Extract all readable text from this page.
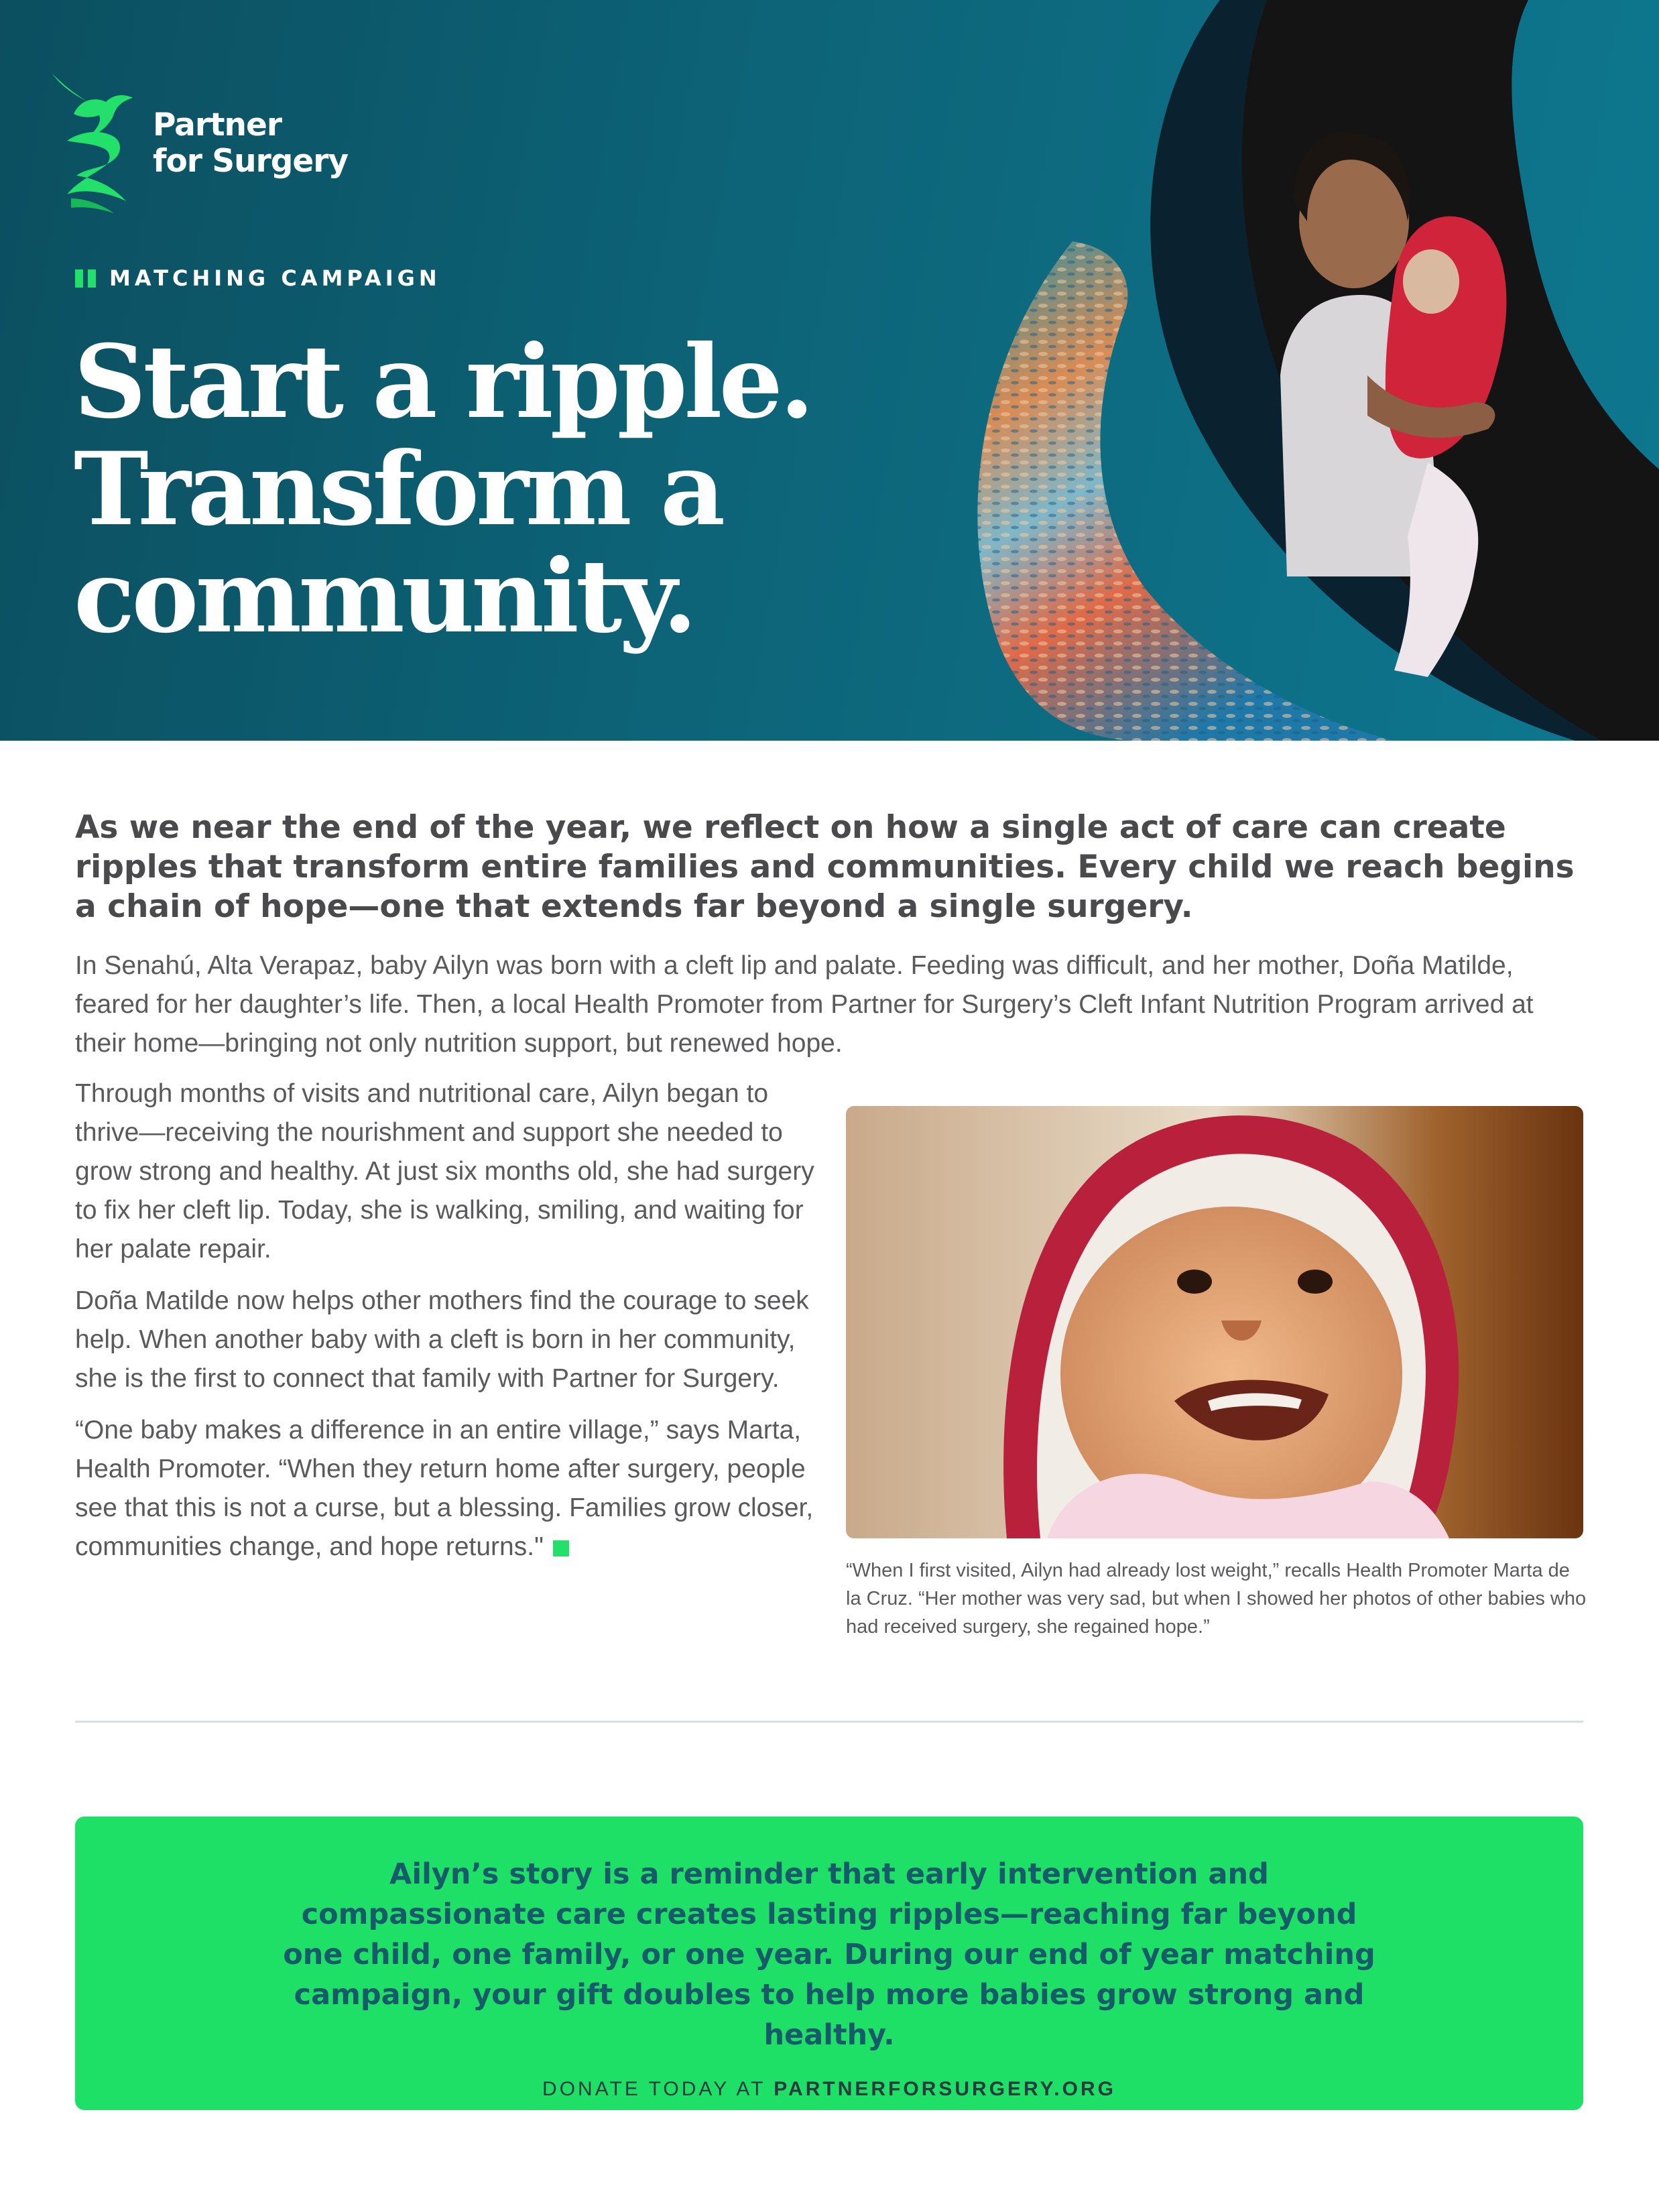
Partner
for Surgery
MATCHING CAMPAIGN
Start a ripple.
Transform a
community.

As we near the end of the year, we reflect on how a single act of care can create ripples that transform entire families and communities. Every child we reach begins a chain of hope—one that extends far beyond a single surgery.

In Senahú, Alta Verapaz, baby Ailyn was born with a cleft lip and palate. Feeding was difficult, and her mother, Doña Matilde, feared for her daughter’s life. Then, a local Health Promoter from Partner for Surgery’s Cleft Infant Nutrition Program arrived at their home—bringing not only nutrition support, but renewed hope.

Through months of visits and nutritional care, Ailyn began to thrive—receiving the nourishment and support she needed to grow strong and healthy. At just six months old, she had surgery to fix her cleft lip. Today, she is walking, smiling, and waiting for her palate repair.

Doña Matilde now helps other mothers find the courage to seek help. When another baby with a cleft is born in her community, she is the first to connect that family with Partner for Surgery.

“One baby makes a difference in an entire village,” says Marta, Health Promoter. “When they return home after surgery, people see that this is not a curse, but a blessing. Families grow closer, communities change, and hope returns."

“When I first visited, Ailyn had already lost weight,” recalls Health Promoter Marta de la Cruz. “Her mother was very sad, but when I showed her photos of other babies who had received surgery, she regained hope.”

Ailyn’s story is a reminder that early intervention and compassionate care creates lasting ripples—reaching far beyond one child, one family, or one year. During our end of year matching campaign, your gift doubles to help more babies grow strong and healthy.
DONATE TODAY AT PARTNERFORSURGERY.ORG
